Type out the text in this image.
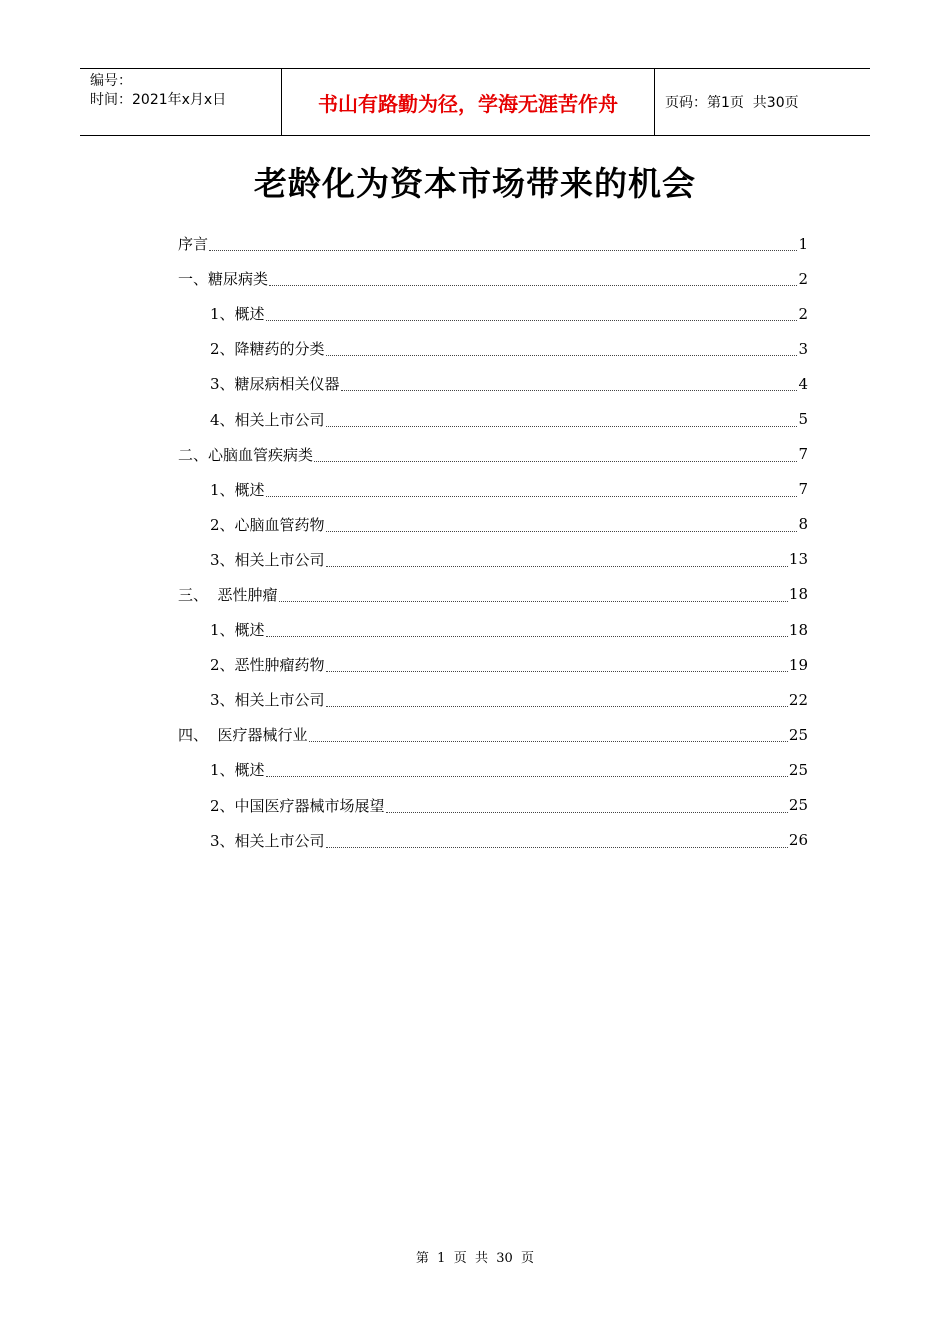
编号：
时间：2021年x月x日	书山有路勤为径，学海无涯苦作舟	页码：第1页  共30页
老龄化为资本市场带来的机会
序言	1
一、糖尿病类	2
1、概述	2
2、降糖药的分类	3
3、糖尿病相关仪器	4
4、相关上市公司	5
二、心脑血管疾病类	7
1、概述	7
2、心脑血管药物	8
3、相关上市公司	13
三、  恶性肿瘤	18
1、概述	18
2、恶性肿瘤药物	19
3、相关上市公司	22
四、  医疗器械行业	25
1、概述	25
2、中国医疗器械市场展望	25
3、相关上市公司	26
第  1  页  共  30  页
